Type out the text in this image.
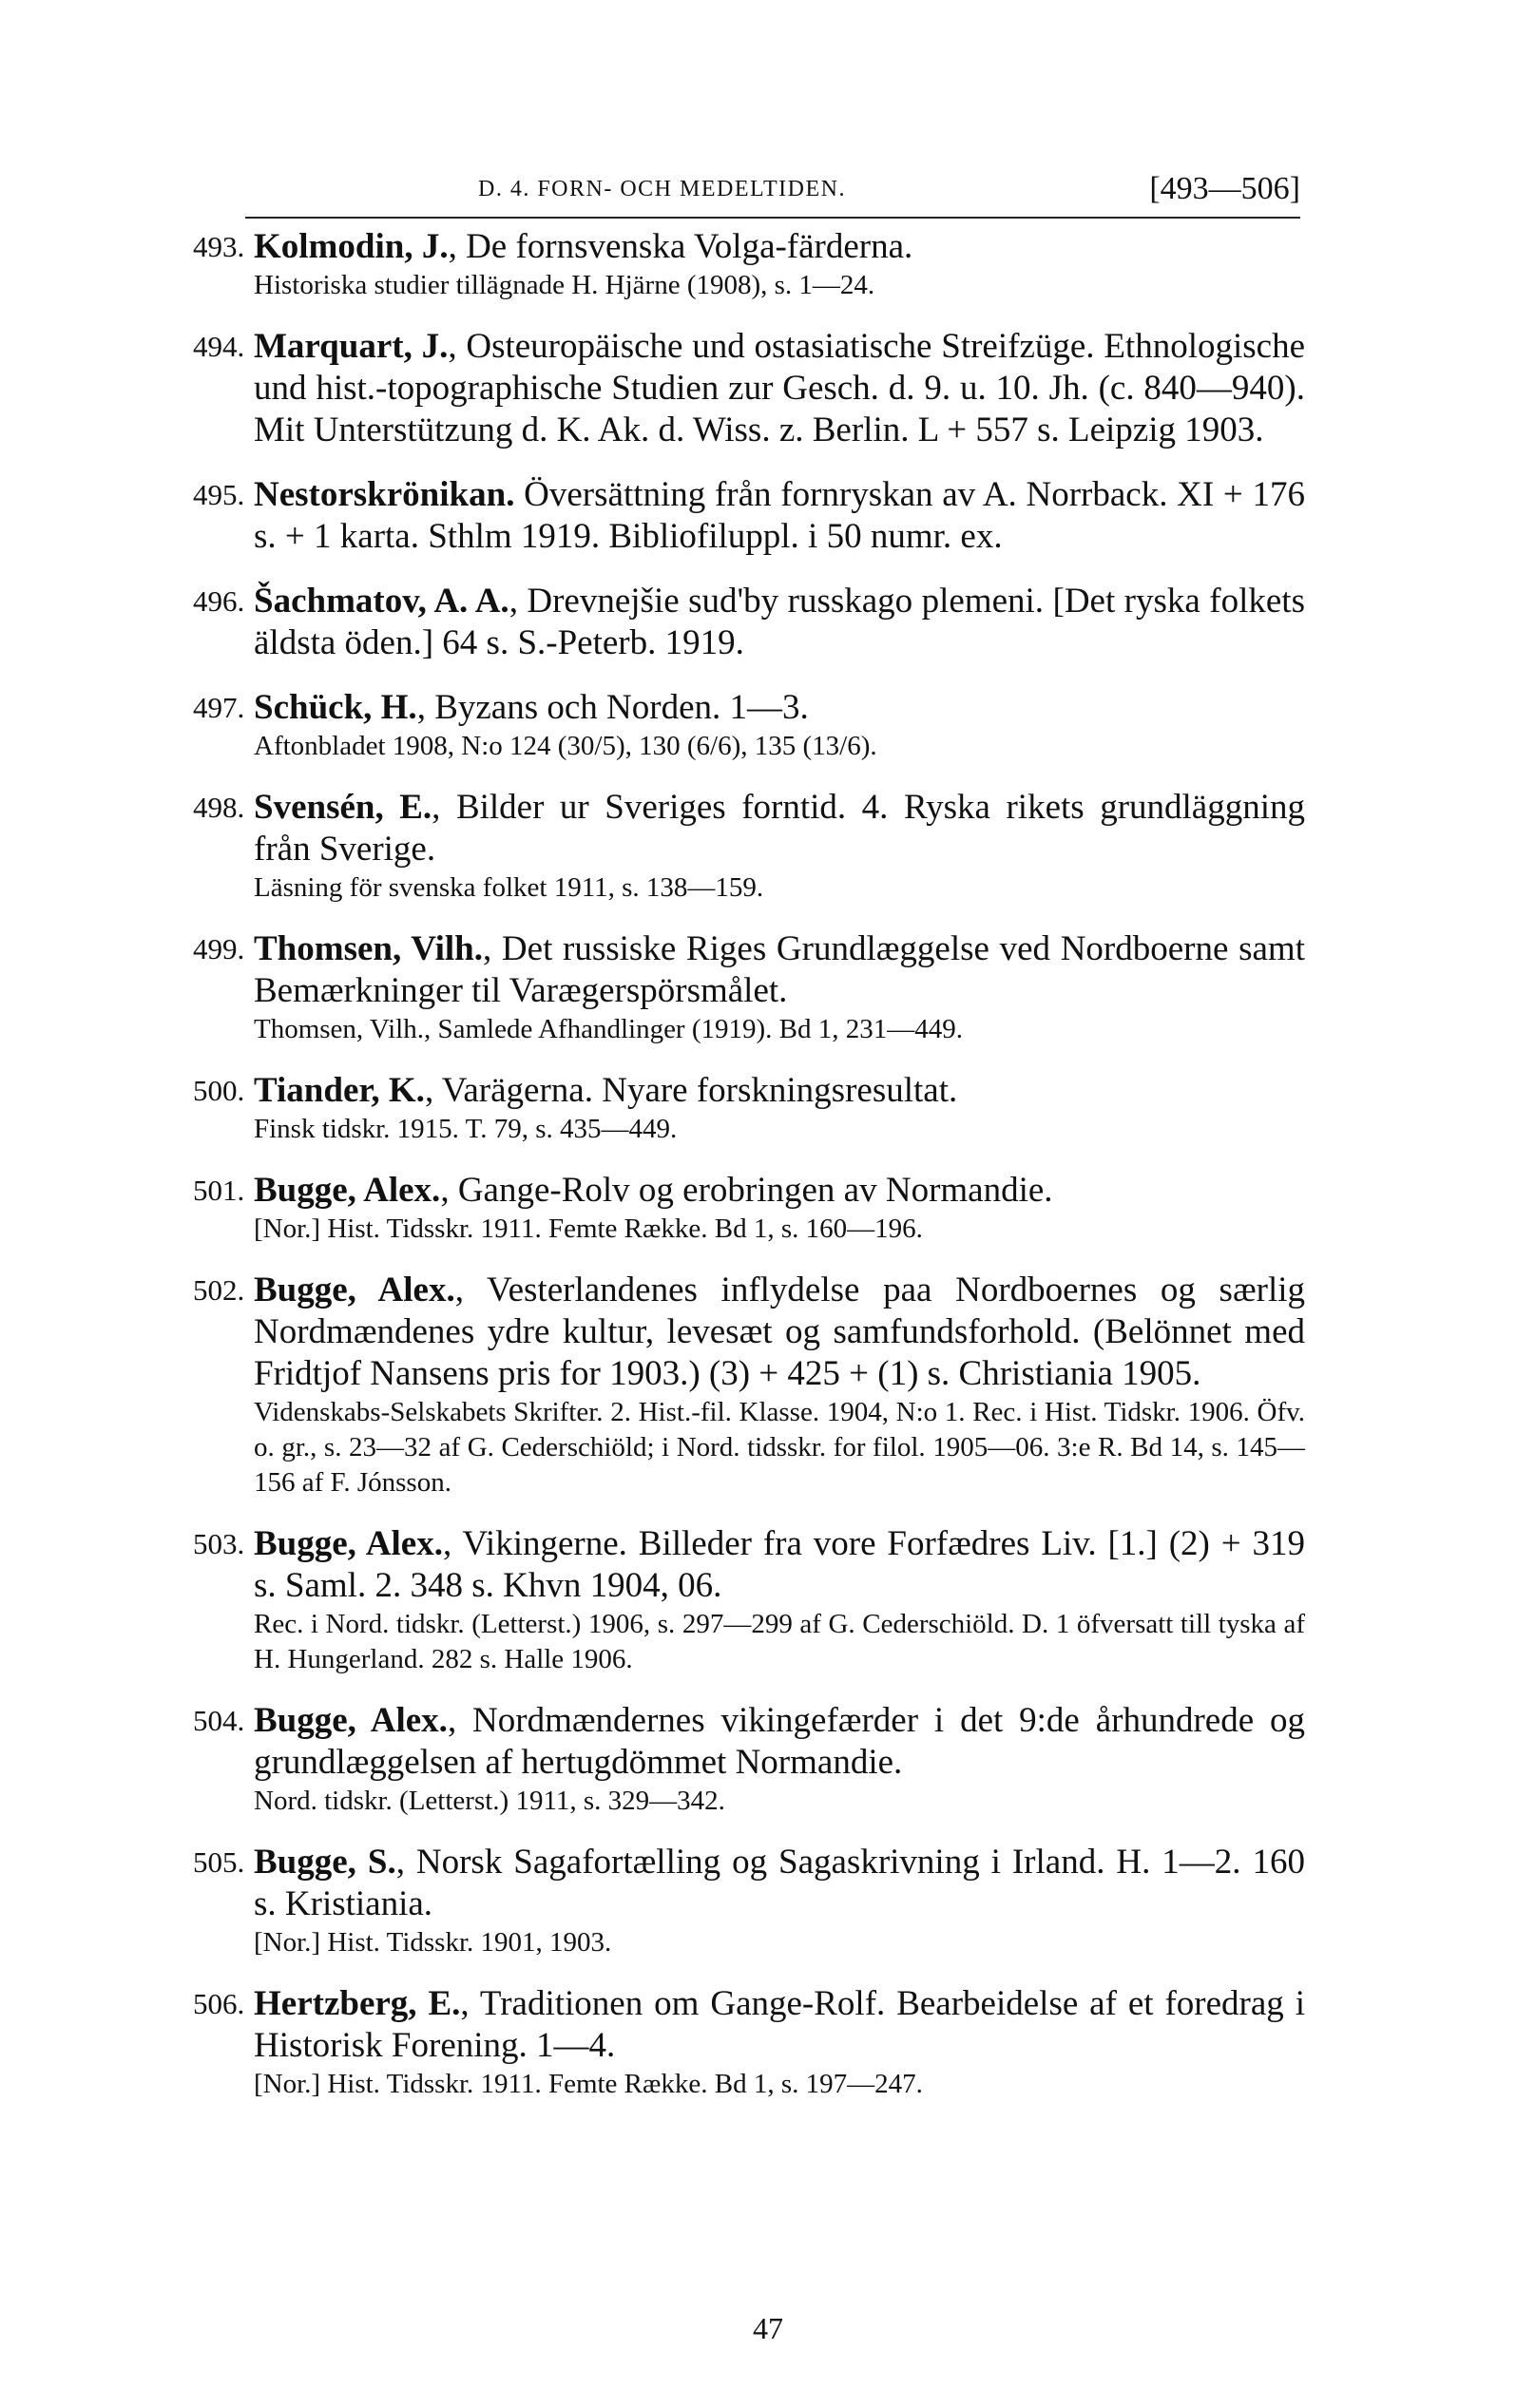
D. 4. FORN- OCH MEDELTIDEN.	[493—506]
493. Kolmodin, J., De fornsvenska Volga-färderna.
Historiska studier tillägnade H. Hjärne (1908), s. 1—24.
494. Marquart, J., Osteuropäische und ostasiatische Streifzüge. Ethnologische und hist.-topographische Studien zur Gesch. d. 9. u. 10. Jh. (c. 840—940). Mit Unterstützung d. K. Ak. d. Wiss. z. Berlin. L + 557 s. Leipzig 1903.
495. Nestorskrönikan. Översättning från fornryskan av A. Norrback. XI + 176 s. + 1 karta. Sthlm 1919. Bibliofiluppl. i 50 numr. ex.
496. Šachmatov, A. A., Drevnejšie sud'by russkago plemeni. [Det ryska folkets äldsta öden.] 64 s. S.-Peterb. 1919.
497. Schück, H., Byzans och Norden. 1—3.
Aftonbladet 1908, N:o 124 (30/5), 130 (6/6), 135 (13/6).
498. Svensén, E., Bilder ur Sveriges forntid. 4. Ryska rikets grundläggning från Sverige.
Läsning för svenska folket 1911, s. 138—159.
499. Thomsen, Vilh., Det russiske Riges Grundlæggelse ved Nordboerne samt Bemærkninger til Varægerspörsmålet.
Thomsen, Vilh., Samlede Afhandlinger (1919). Bd 1, 231—449.
500. Tiander, K., Varägerna. Nyare forskningsresultat.
Finsk tidskr. 1915. T. 79, s. 435—449.
501. Bugge, Alex., Gange-Rolv og erobringen av Normandie.
[Nor.] Hist. Tidsskr. 1911. Femte Række. Bd 1, s. 160—196.
502. Bugge, Alex., Vesterlandenes inflydelse paa Nordboernes og særlig Nordmændenes ydre kultur, levesæt og samfundsforhold. (Belönnet med Fridtjof Nansens pris for 1903.) (3) + 425 + (1) s. Christiania 1905.
Videnskabs-Selskabets Skrifter. 2. Hist.-fil. Klasse. 1904, N:o 1. Rec. i Hist. Tidskr. 1906. Öfv. o. gr., s. 23—32 af G. Cederschiöld; i Nord. tidsskr. for filol. 1905—06. 3:e R. Bd 14, s. 145—156 af F. Jónsson.
503. Bugge, Alex., Vikingerne. Billeder fra vore Forfædres Liv. [1.] (2) + 319 s. Saml. 2. 348 s. Khvn 1904, 06.
Rec. i Nord. tidskr. (Letterst.) 1906, s. 297—299 af G. Cederschiöld. D. 1 öfversatt till tyska af H. Hungerland. 282 s. Halle 1906.
504. Bugge, Alex., Nordmændernes vikingefærder i det 9:de århundrede og grundlæggelsen af hertugdömmet Normandie.
Nord. tidskr. (Letterst.) 1911, s. 329—342.
505. Bugge, S., Norsk Sagafortælling og Sagaskrivning i Irland. H. 1—2. 160 s. Kristiania.
[Nor.] Hist. Tidsskr. 1901, 1903.
506. Hertzberg, E., Traditionen om Gange-Rolf. Bearbeidelse af et foredrag i Historisk Forening. 1—4.
[Nor.] Hist. Tidsskr. 1911. Femte Række. Bd 1, s. 197—247.
47
